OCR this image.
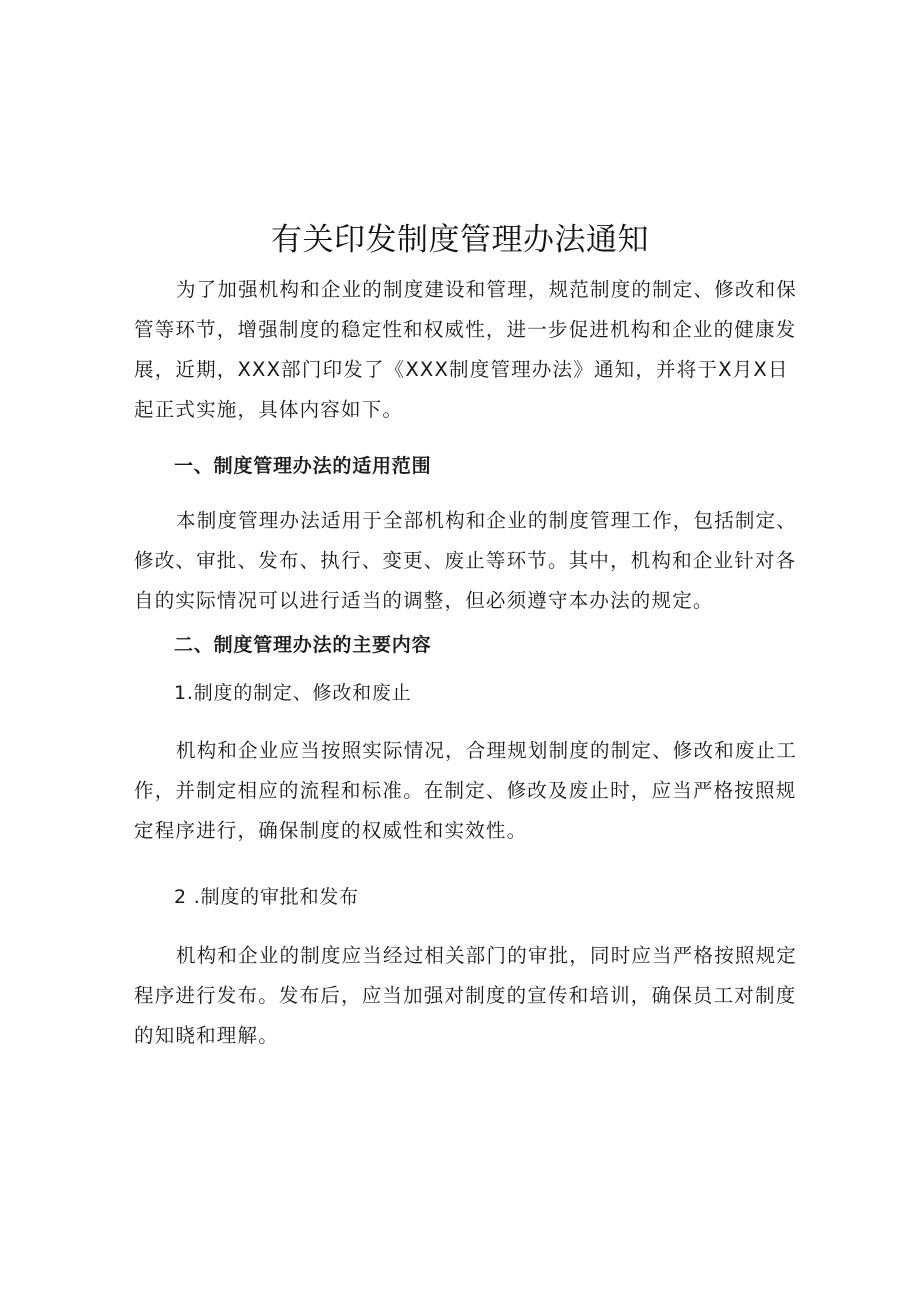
有关印发制度管理办法通知
为了加强机构和企业的制度建设和管理，规范制度的制定、修改和保
管等环节，增强制度的稳定性和权威性，进一步促进机构和企业的健康发
展，近期，XXX部门印发了《XXX制度管理办法》通知，并将于X月X日
起正式实施，具体内容如下。
一、制度管理办法的适用范围
本制度管理办法适用于全部机构和企业的制度管理工作，包括制定、
修改、审批、发布、执行、变更、废止等环节。其中，机构和企业针对各
自的实际情况可以进行适当的调整，但必须遵守本办法的规定。
二、制度管理办法的主要内容
1.制度的制定、修改和废止
机构和企业应当按照实际情况，合理规划制度的制定、修改和废止工
作，并制定相应的流程和标准。在制定、修改及废止时，应当严格按照规
定程序进行，确保制度的权威性和实效性。
2 .制度的审批和发布
机构和企业的制度应当经过相关部门的审批，同时应当严格按照规定
程序进行发布。发布后，应当加强对制度的宣传和培训，确保员工对制度
的知晓和理解。
